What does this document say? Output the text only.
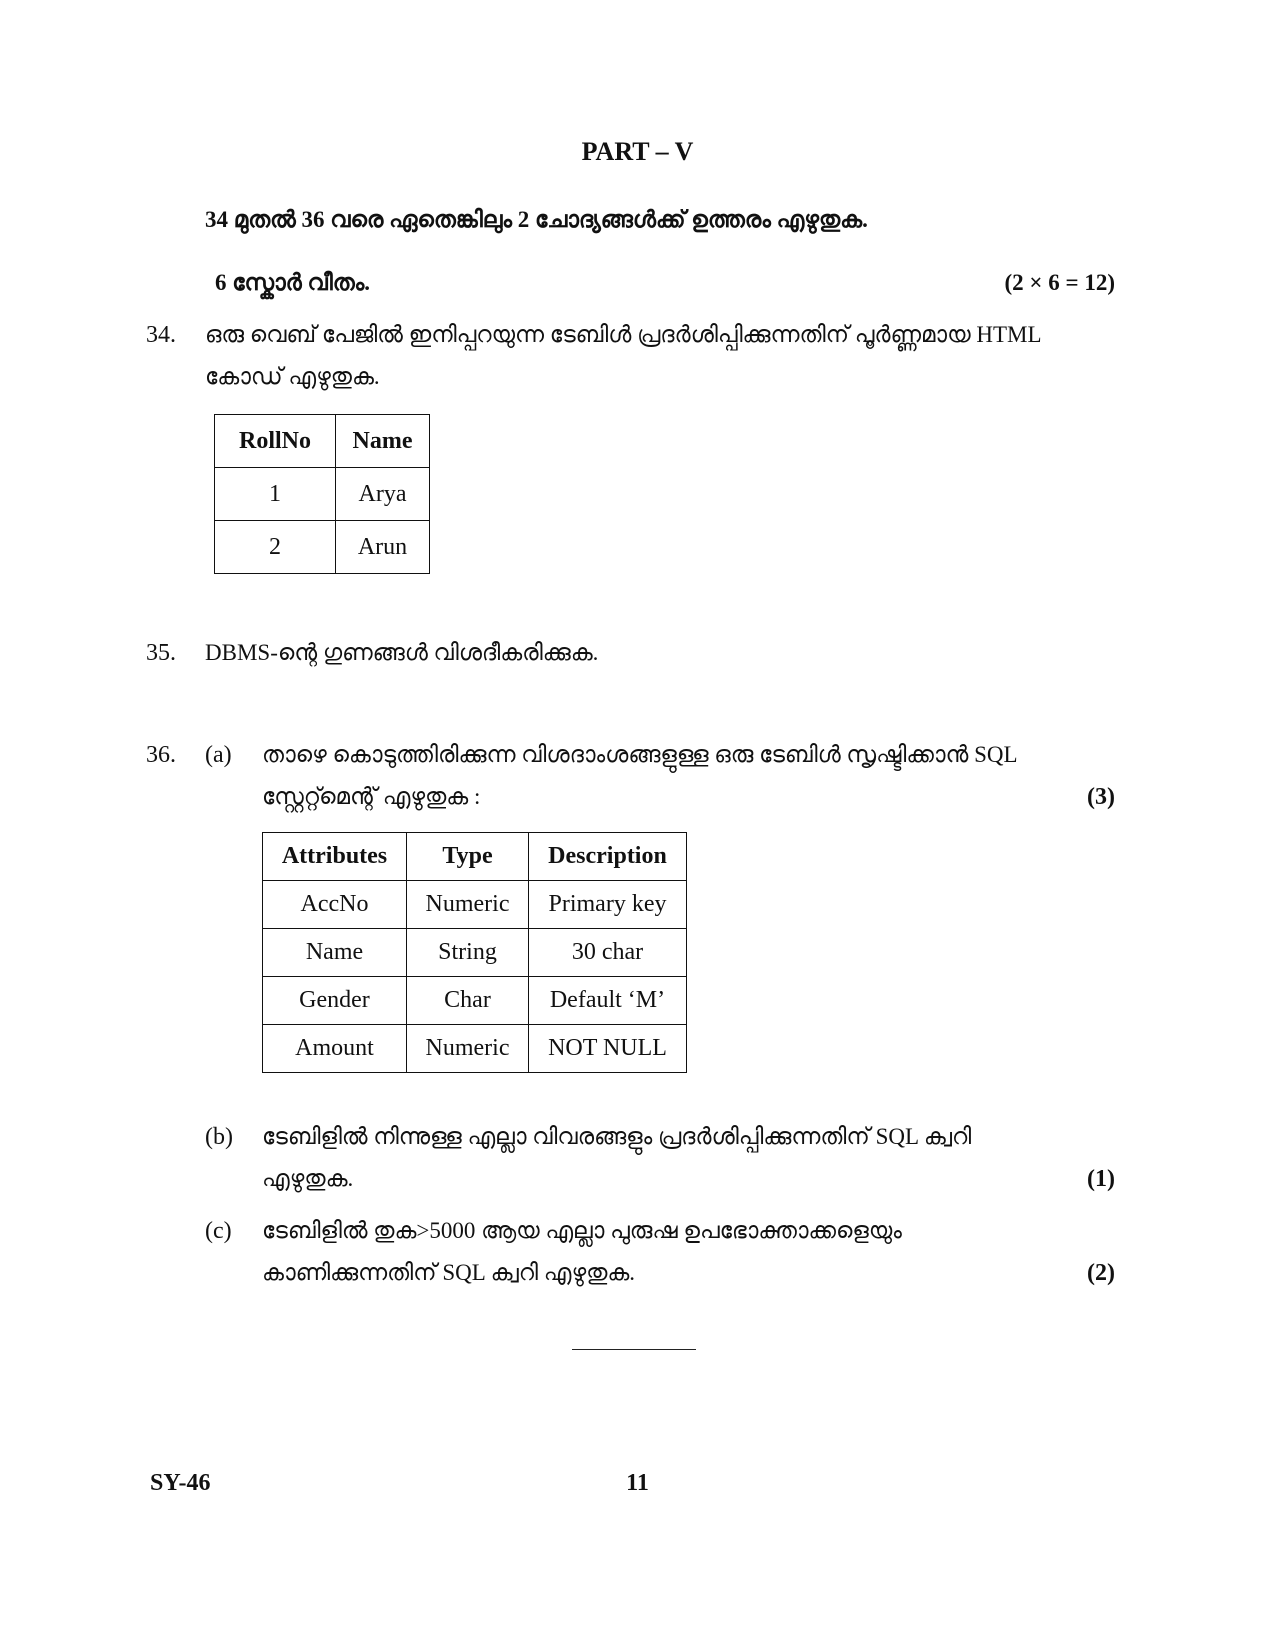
PART – V
34 മുതൽ 36 വരെ ഏതെങ്കിലും 2 ചോദ്യങ്ങൾക്ക് ഉത്തരം എഴുതുക.
6 സ്കോർ വീതം.	(2 × 6 = 12)
34. ഒരു വെബ് പേജിൽ ഇനിപ്പറയുന്ന ടേബിൾ പ്രദർശിപ്പിക്കുന്നതിന് പൂർണ്ണമായ HTML
കോഡ് എഴുതുക.
RollNo	Name
1	Arya
2	Arun
35. DBMS-ന്റെ ഗുണങ്ങൾ വിശദീകരിക്കുക.
36. (a) താഴെ കൊടുത്തിരിക്കുന്ന വിശദാംശങ്ങളുള്ള ഒരു ടേബിൾ സൃഷ്ടിക്കാൻ SQL
സ്റ്റേറ്റ്മെന്റ് എഴുതുക :	(3)
Attributes	Type	Description
AccNo	Numeric	Primary key
Name	String	30 char
Gender	Char	Default ‘M’
Amount	Numeric	NOT NULL
(b) ടേബിളിൽ നിന്നുള്ള എല്ലാ വിവരങ്ങളും പ്രദർശിപ്പിക്കുന്നതിന് SQL ക്വറി
എഴുതുക.	(1)
(c) ടേബിളിൽ തുക>5000 ആയ എല്ലാ പുരുഷ ഉപഭോക്താക്കളെയും
കാണിക്കുന്നതിന് SQL ക്വറി എഴുതുക.	(2)
SY-46	11
